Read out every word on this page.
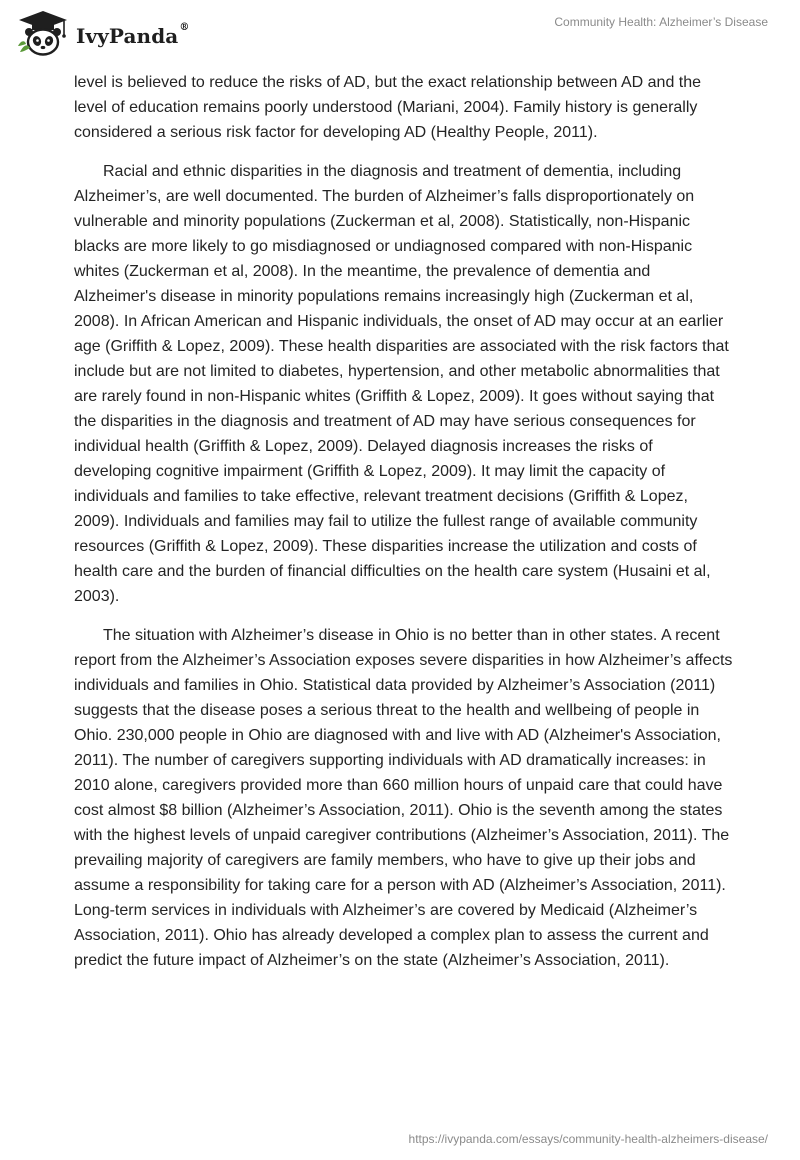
IvyPanda®	Community Health: Alzheimer’s Disease

level is believed to reduce the risks of AD, but the exact relationship between AD and the level of education remains poorly understood (Mariani, 2004). Family history is generally considered a serious risk factor for developing AD (Healthy People, 2011).

Racial and ethnic disparities in the diagnosis and treatment of dementia, including Alzheimer’s, are well documented. The burden of Alzheimer’s falls disproportionately on vulnerable and minority populations (Zuckerman et al, 2008). Statistically, non-Hispanic blacks are more likely to go misdiagnosed or undiagnosed compared with non-Hispanic whites (Zuckerman et al, 2008). In the meantime, the prevalence of dementia and Alzheimer's disease in minority populations remains increasingly high (Zuckerman et al, 2008). In African American and Hispanic individuals, the onset of AD may occur at an earlier age (Griffith & Lopez, 2009). These health disparities are associated with the risk factors that include but are not limited to diabetes, hypertension, and other metabolic abnormalities that are rarely found in non-Hispanic whites (Griffith & Lopez, 2009). It goes without saying that the disparities in the diagnosis and treatment of AD may have serious consequences for individual health (Griffith & Lopez, 2009). Delayed diagnosis increases the risks of developing cognitive impairment (Griffith & Lopez, 2009). It may limit the capacity of individuals and families to take effective, relevant treatment decisions (Griffith & Lopez, 2009). Individuals and families may fail to utilize the fullest range of available community resources (Griffith & Lopez, 2009). These disparities increase the utilization and costs of health care and the burden of financial difficulties on the health care system (Husaini et al, 2003).

The situation with Alzheimer’s disease in Ohio is no better than in other states. A recent report from the Alzheimer’s Association exposes severe disparities in how Alzheimer’s affects individuals and families in Ohio. Statistical data provided by Alzheimer’s Association (2011) suggests that the disease poses a serious threat to the health and wellbeing of people in Ohio. 230,000 people in Ohio are diagnosed with and live with AD (Alzheimer's Association, 2011). The number of caregivers supporting individuals with AD dramatically increases: in 2010 alone, caregivers provided more than 660 million hours of unpaid care that could have cost almost $8 billion (Alzheimer’s Association, 2011). Ohio is the seventh among the states with the highest levels of unpaid caregiver contributions (Alzheimer’s Association, 2011). The prevailing majority of caregivers are family members, who have to give up their jobs and assume a responsibility for taking care for a person with AD (Alzheimer’s Association, 2011). Long-term services in individuals with Alzheimer’s are covered by Medicaid (Alzheimer’s Association, 2011). Ohio has already developed a complex plan to assess the current and predict the future impact of Alzheimer’s on the state (Alzheimer’s Association, 2011).

https://ivypanda.com/essays/community-health-alzheimers-disease/
